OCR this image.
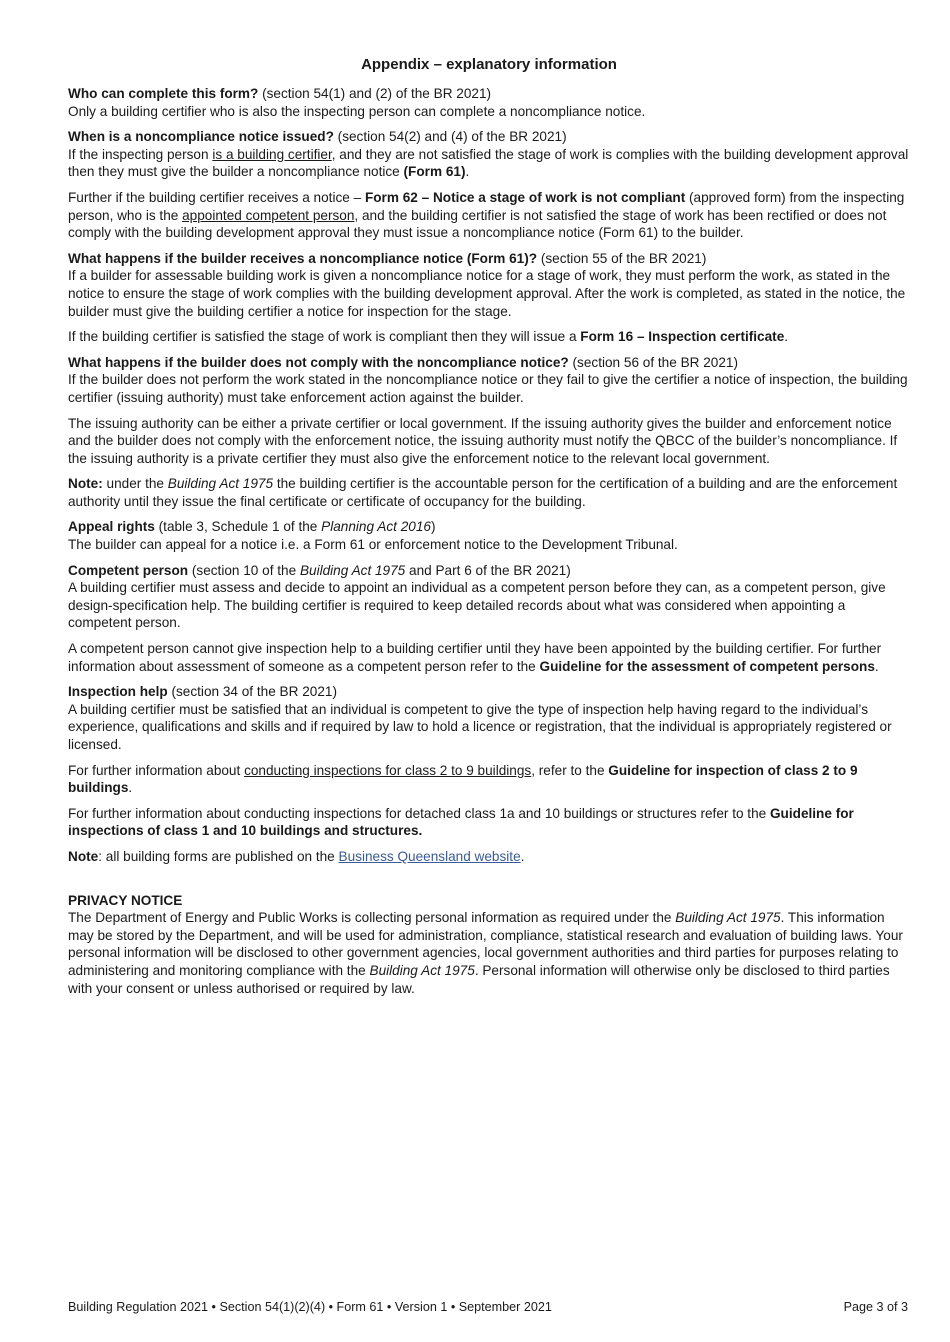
Appendix – explanatory information
Who can complete this form? (section 54(1) and (2) of the BR 2021)

Only a building certifier who is also the inspecting person can complete a noncompliance notice.

When is a noncompliance notice issued? (section 54(2) and (4) of the BR 2021)

If the inspecting person is a building certifier, and they are not satisfied the stage of work is complies with the building development approval then they must give the builder a noncompliance notice (Form 61).

Further if the building certifier receives a notice – Form 62 – Notice a stage of work is not compliant (approved form) from the inspecting person, who is the appointed competent person, and the building certifier is not satisfied the stage of work has been rectified or does not comply with the building development approval they must issue a noncompliance notice (Form 61) to the builder.

What happens if the builder receives a noncompliance notice (Form 61)? (section 55 of the BR 2021)

If a builder for assessable building work is given a noncompliance notice for a stage of work, they must perform the work, as stated in the notice to ensure the stage of work complies with the building development approval. After the work is completed, as stated in the notice, the builder must give the building certifier a notice for inspection for the stage.

If the building certifier is satisfied the stage of work is compliant then they will issue a Form 16 – Inspection certificate.

What happens if the builder does not comply with the noncompliance notice? (section 56 of the BR 2021)

If the builder does not perform the work stated in the noncompliance notice or they fail to give the certifier a notice of inspection, the building certifier (issuing authority) must take enforcement action against the builder.

The issuing authority can be either a private certifier or local government. If the issuing authority gives the builder and enforcement notice and the builder does not comply with the enforcement notice, the issuing authority must notify the QBCC of the builder’s noncompliance. If the issuing authority is a private certifier they must also give the enforcement notice to the relevant local government.

Note: under the Building Act 1975 the building certifier is the accountable person for the certification of a building and are the enforcement authority until they issue the final certificate or certificate of occupancy for the building.

Appeal rights (table 3, Schedule 1 of the Planning Act 2016)

The builder can appeal for a notice i.e. a Form 61 or enforcement notice to the Development Tribunal.

Competent person (section 10 of the Building Act 1975 and Part 6 of the BR 2021)

A building certifier must assess and decide to appoint an individual as a competent person before they can, as a competent person, give design-specification help. The building certifier is required to keep detailed records about what was considered when appointing a competent person.

A competent person cannot give inspection help to a building certifier until they have been appointed by the building certifier. For further information about assessment of someone as a competent person refer to the Guideline for the assessment of competent persons.

Inspection help (section 34 of the BR 2021)

A building certifier must be satisfied that an individual is competent to give the type of inspection help having regard to the individual’s experience, qualifications and skills and if required by law to hold a licence or registration, that the individual is appropriately registered or licensed.

For further information about conducting inspections for class 2 to 9 buildings, refer to the Guideline for inspection of class 2 to 9 buildings.

For further information about conducting inspections for detached class 1a and 10 buildings or structures refer to the Guideline for inspections of class 1 and 10 buildings and structures.

Note: all building forms are published on the Business Queensland website.

PRIVACY NOTICE

The Department of Energy and Public Works is collecting personal information as required under the Building Act 1975. This information may be stored by the Department, and will be used for administration, compliance, statistical research and evaluation of building laws. Your personal information will be disclosed to other government agencies, local government authorities and third parties for purposes relating to administering and monitoring compliance with the Building Act 1975. Personal information will otherwise only be disclosed to third parties with your consent or unless authorised or required by law.

Building Regulation 2021 • Section 54(1)(2)(4) • Form 61 • Version 1 • September 2021	Page 3 of 3
